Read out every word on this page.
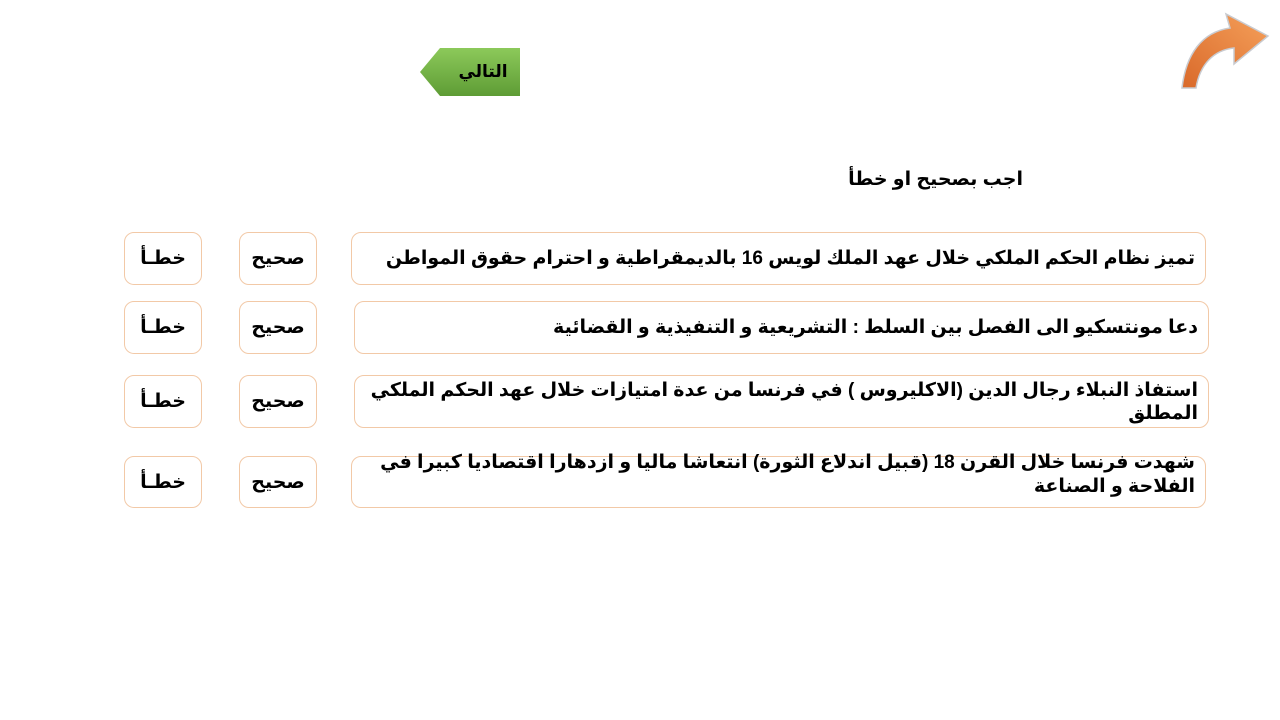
التالي
اجب بصحيح او خطأ
تميز نظام الحكم الملكي خلال عهد الملك لويس 16 بالديمقراطية و احترام حقوق المواطن
صحيح
خطـأ
دعا مونتسكيو الى الفصل بين السلط : التشريعية و التنفيذية و القضائية
صحيح
خطـأ
استفاذ النبلاء رجال الدين (الاكليروس ) في فرنسا من عدة امتيازات خلال عهد الحكم الملكي المطلق
صحيح
خطـأ
شهدت فرنسا خلال القرن 18 (قبيل اندلاع الثورة) انتعاشا ماليا و ازدهارا اقتصاديا كبيرا في الفلاحة و الصناعة
صحيح
خطـأ
